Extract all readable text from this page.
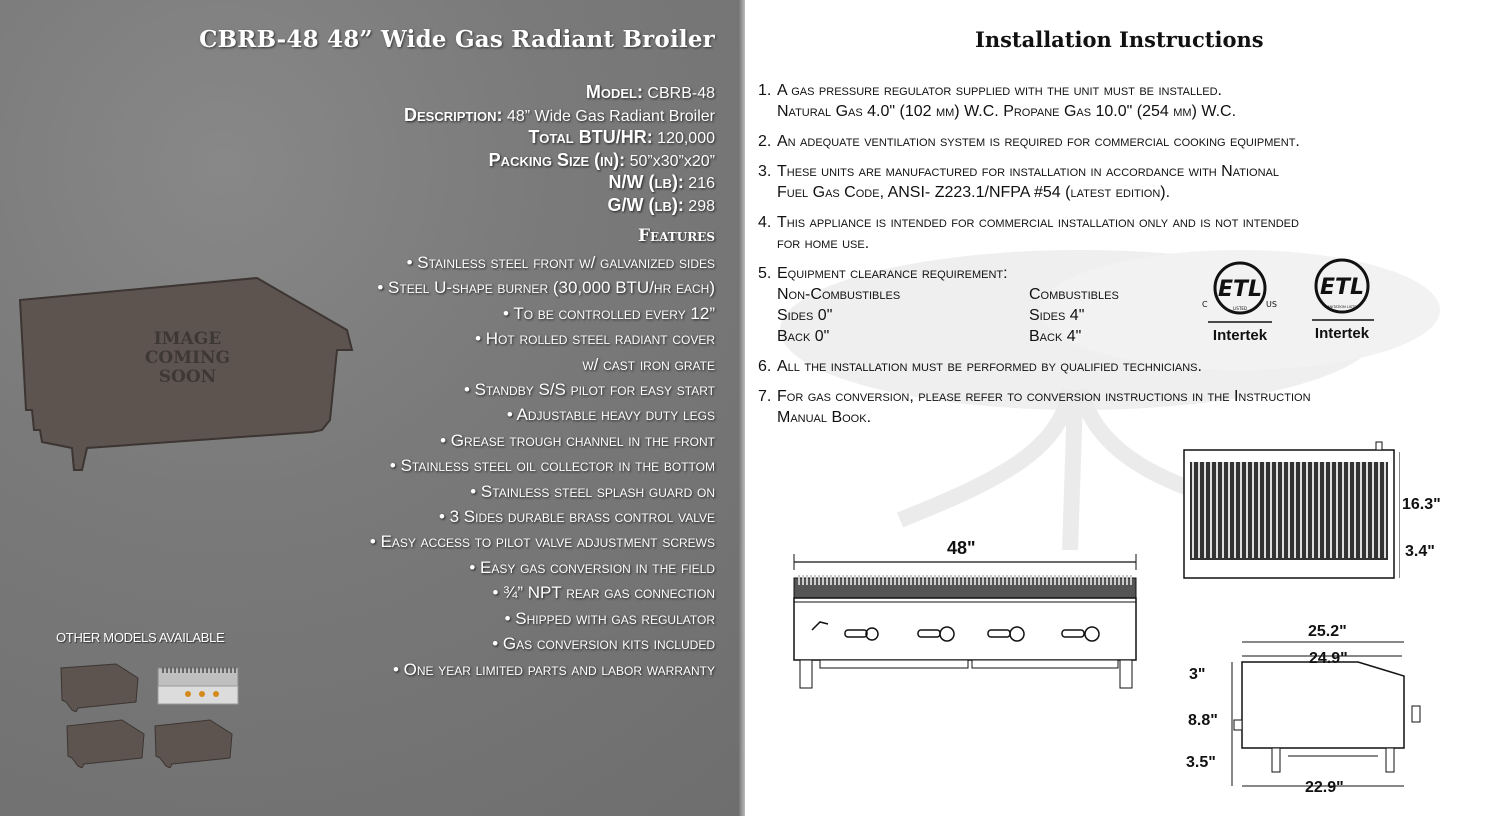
CBRB-48 48” Wide Gas Radiant Broiler
Model: CBRB-48
Description: 48” Wide Gas Radiant Broiler
Total BTU/HR: 120,000
Packing Size (in): 50”x30”x20”
N/W (lb): 216
G/W (lb): 298
Features
• Stainless steel front w/ galvanized sides
• Steel U-shape burner (30,000 BTU/hr each)
• To be controlled every 12”
• Hot rolled steel radiant cover
w/ cast iron grate
• Standby S/S pilot for easy start
• Adjustable heavy duty legs
• Grease trough channel in the front
• Stainless steel oil collector in the bottom
• Stainless steel splash guard on
• 3 Sides durable brass control valve
• Easy access to pilot valve adjustment screws
• Easy gas conversion in the field
• ¾” NPT rear gas connection
• Shipped with gas regulator
• Gas conversion kits included
• One year limited parts and labor warranty
IMAGE
COMING
SOON
OTHER MODELS AVAILABLE
Installation Instructions
1. A gas pressure regulator supplied with the unit must be installed.
Natural Gas 4.0" (102 mm) W.C. Propane Gas 10.0" (254 mm) W.C.
2. An adequate ventilation system is required for commercial cooking equipment.
3. These units are manufactured for installation in accordance with National
Fuel Gas Code, ANSI- Z223.1/NFPA #54 (latest edition).
4. This appliance is intended for commercial installation only and is not intended
for home use.
5. Equipment clearance requirement:
Non-Combustibles	Combustibles
Sides 0"	Sides 4"
Back 0"	Back 4"
6. All the installation must be performed by qualified technicians.
7. For gas conversion, please refer to conversion instructions in the Instruction
Manual Book.
ETL
LISTED
C	US
Intertek
ETL
SANITATION LISTED
Intertek
48"
16.3"
3.4"
25.2"
24.9"
3"
8.8"
3.5"
22.9"
